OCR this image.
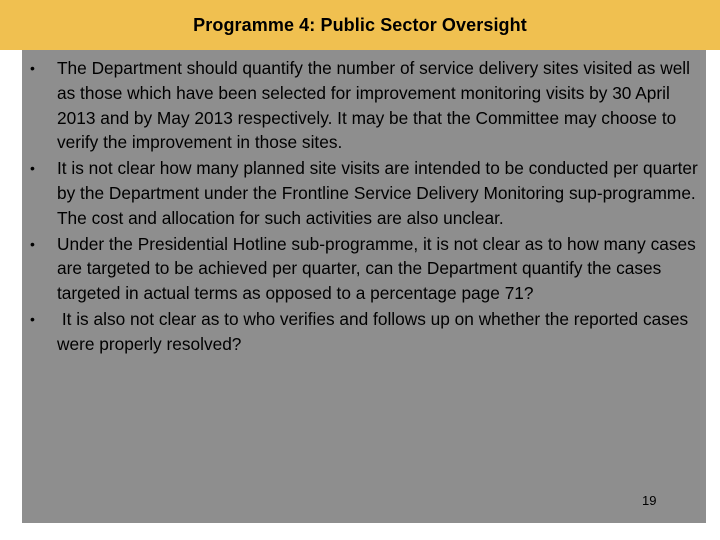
Programme 4: Public Sector Oversight
• The Department should quantify the number of service delivery sites visited as well as those which have been selected for improvement monitoring visits by 30 April 2013 and by May 2013 respectively. It may be that the Committee may choose to verify the improvement in those sites.
• It is not clear how many planned site visits are intended to be conducted per quarter by the Department under the Frontline Service Delivery Monitoring sup-programme. The cost and allocation for such activities are also unclear.
• Under the Presidential Hotline sub-programme, it is not clear as to how many cases are targeted to be achieved per quarter, can the Department quantify the cases targeted in actual terms as opposed to a percentage page 71?
• It is also not clear as to who verifies and follows up on whether the reported cases were properly resolved?
19
